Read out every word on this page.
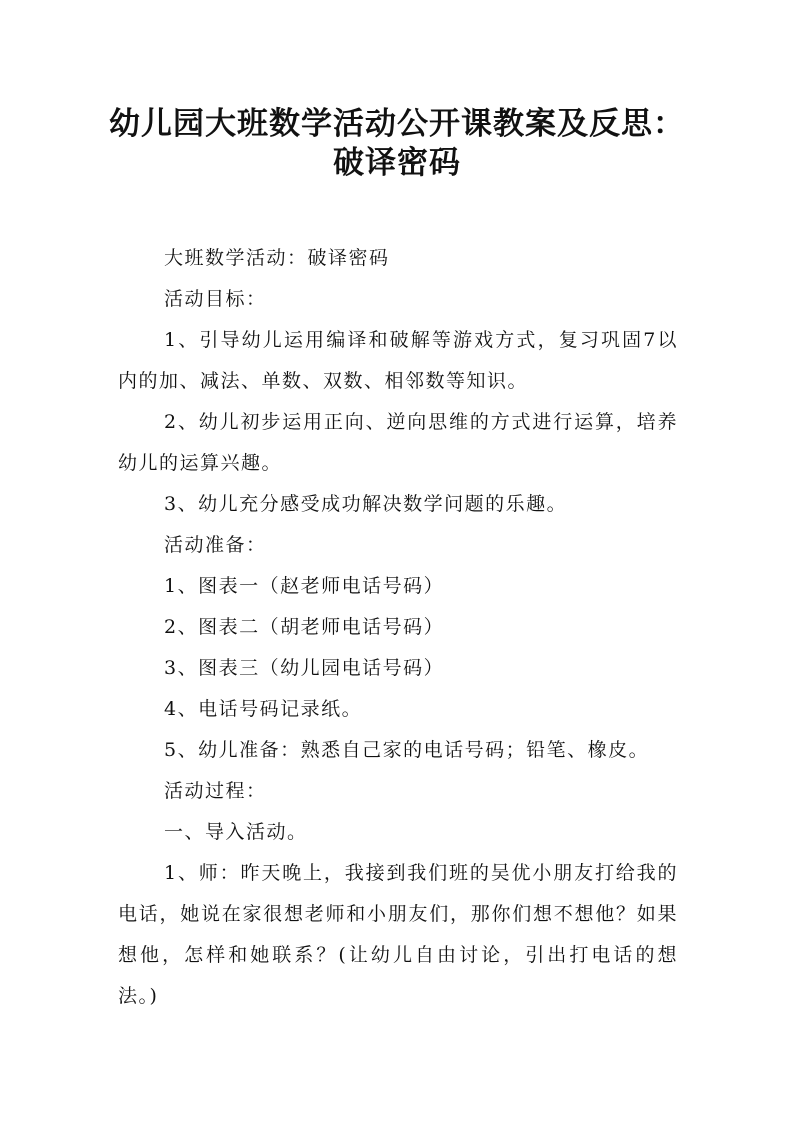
幼儿园大班数学活动公开课教案及反思：
破译密码

大班数学活动：破译密码

活动目标：

1、引导幼儿运用编译和破解等游戏方式，复习巩固7以内的加、减法、单数、双数、相邻数等知识。

2、幼儿初步运用正向、逆向思维的方式进行运算，培养幼儿的运算兴趣。

3、幼儿充分感受成功解决数学问题的乐趣。

活动准备：

1、图表一（赵老师电话号码）

2、图表二（胡老师电话号码）

3、图表三（幼儿园电话号码）

4、电话号码记录纸。

5、幼儿准备：熟悉自己家的电话号码；铅笔、橡皮。

活动过程：

一、导入活动。

1、师：昨天晚上，我接到我们班的吴优小朋友打给我的电话，她说在家很想老师和小朋友们，那你们想不想他？如果想他，怎样和她联系？(让幼儿自由讨论，引出打电话的想法。)
